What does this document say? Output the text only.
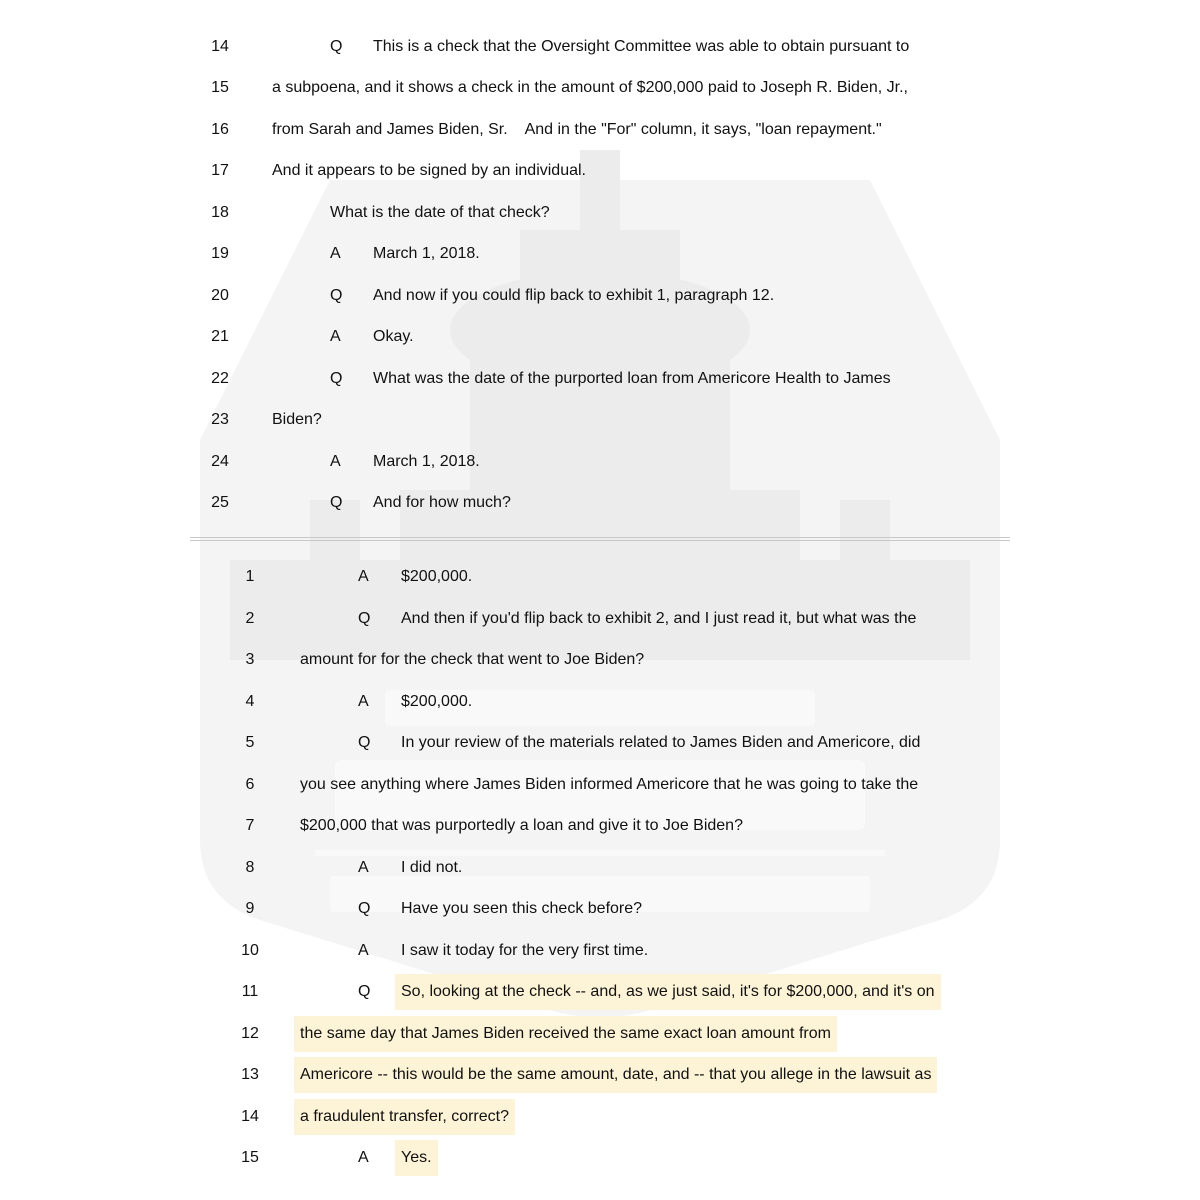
14	Q This is a check that the Oversight Committee was able to obtain pursuant to
15	a subpoena, and it shows a check in the amount of $200,000 paid to Joseph R. Biden, Jr.,
16	from Sarah and James Biden, Sr.    And in the "For" column, it says, "loan repayment."
17	And it appears to be signed by an individual.
18	What is the date of that check?
19	A March 1, 2018.
20	Q And now if you could flip back to exhibit 1, paragraph 12.
21	A Okay.
22	Q What was the date of the purported loan from Americore Health to James
23	Biden?
24	A March 1, 2018.
25	Q And for how much?
1	A $200,000.
2	Q And then if you'd flip back to exhibit 2, and I just read it, but what was the
3	amount for for the check that went to Joe Biden?
4	A $200,000.
5	Q In your review of the materials related to James Biden and Americore, did
6	you see anything where James Biden informed Americore that he was going to take the
7	$200,000 that was purportedly a loan and give it to Joe Biden?
8	A I did not.
9	Q Have you seen this check before?
10	A I saw it today for the very first time.
11	Q	So, looking at the check -- and, as we just said, it's for $200,000, and it's on
12	the same day that James Biden received the same exact loan amount from
13	Americore -- this would be the same amount, date, and -- that you allege in the lawsuit as
14	a fraudulent transfer, correct?
15	A	Yes.
